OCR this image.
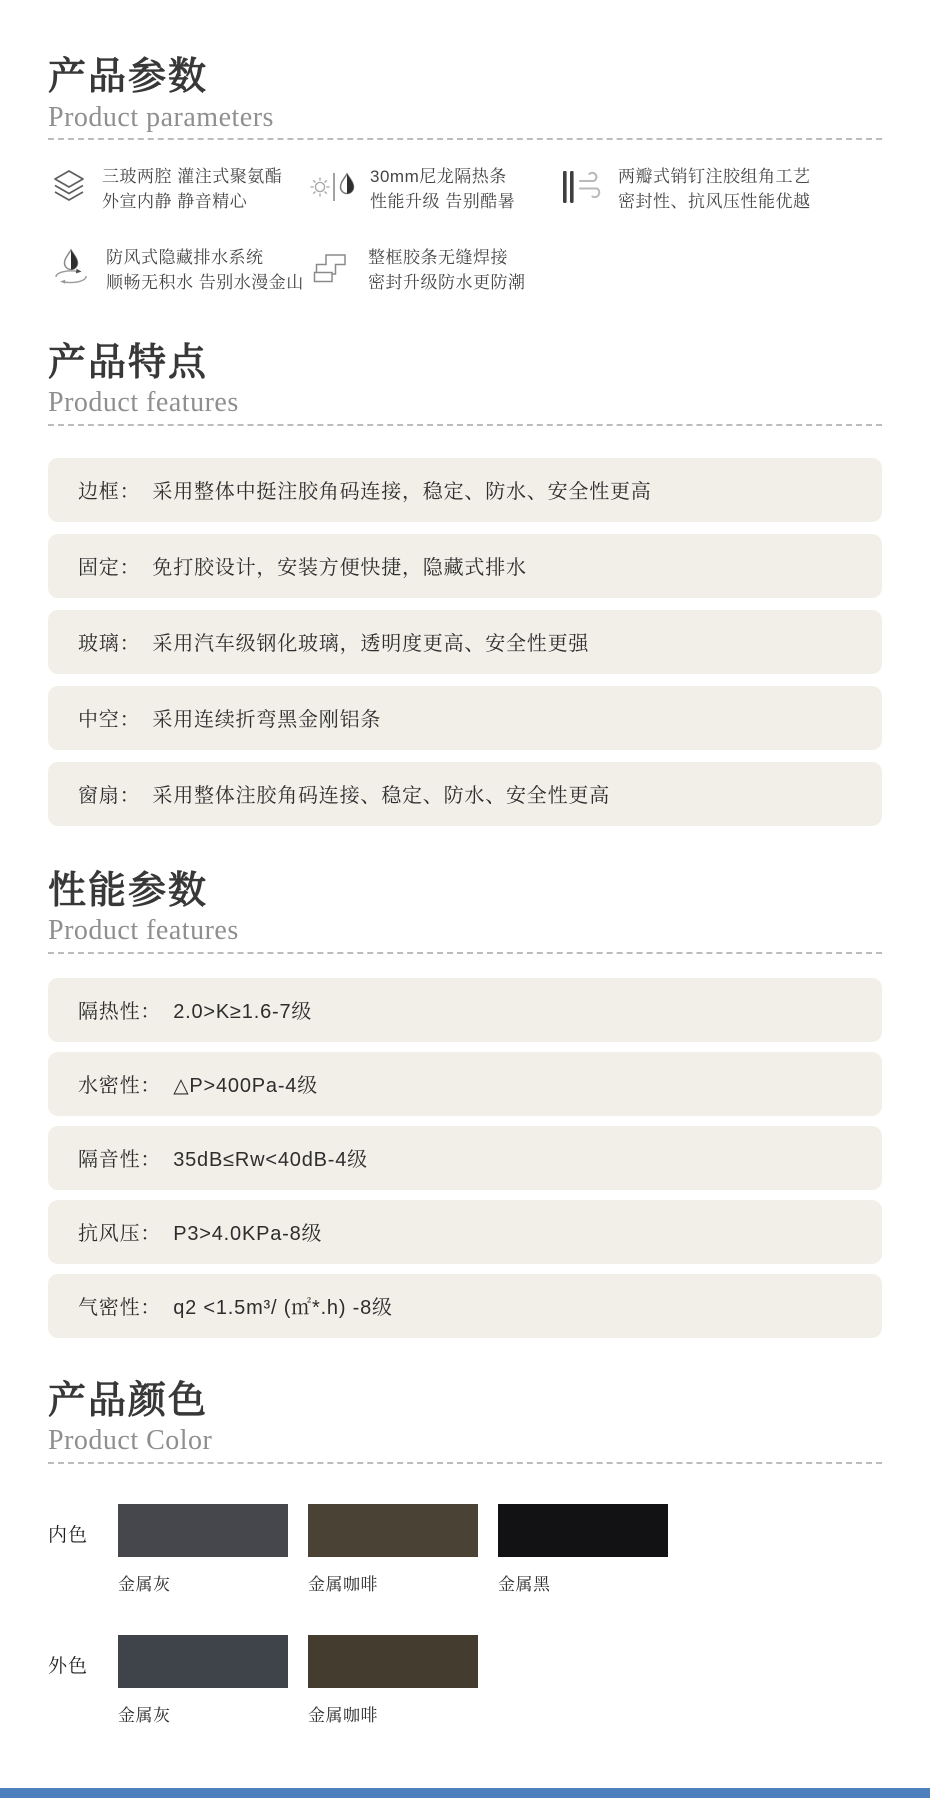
产品参数
Product parameters
三玻两腔 灌注式聚氨酯
外宣内静 静音精心
30mm尼龙隔热条
性能升级 告别酷暑
两瓣式销钉注胶组角工艺
密封性、抗风压性能优越
防风式隐藏排水系统
顺畅无积水 告别水漫金山
整框胶条无缝焊接
密封升级防水更防潮
产品特点
Product features
边框： 采用整体中挺注胶角码连接，稳定、防水、安全性更高
固定： 免打胶设计，安装方便快捷，隐藏式排水
玻璃： 采用汽车级钢化玻璃，透明度更高、安全性更强
中空： 采用连续折弯黑金刚铝条
窗扇： 采用整体注胶角码连接、稳定、防水、安全性更高
性能参数
Product features
隔热性： 2.0>K≥1.6-7级
水密性： △P>400Pa-4级
隔音性： 35dB≤Rw<40dB-4级
抗风压： P3>4.0KPa-8级
气密性： q2 <1.5m³/ (㎡*.h) -8级
产品颜色
Product Color
内色
金属灰	金属咖啡	金属黑
外色
金属灰	金属咖啡
